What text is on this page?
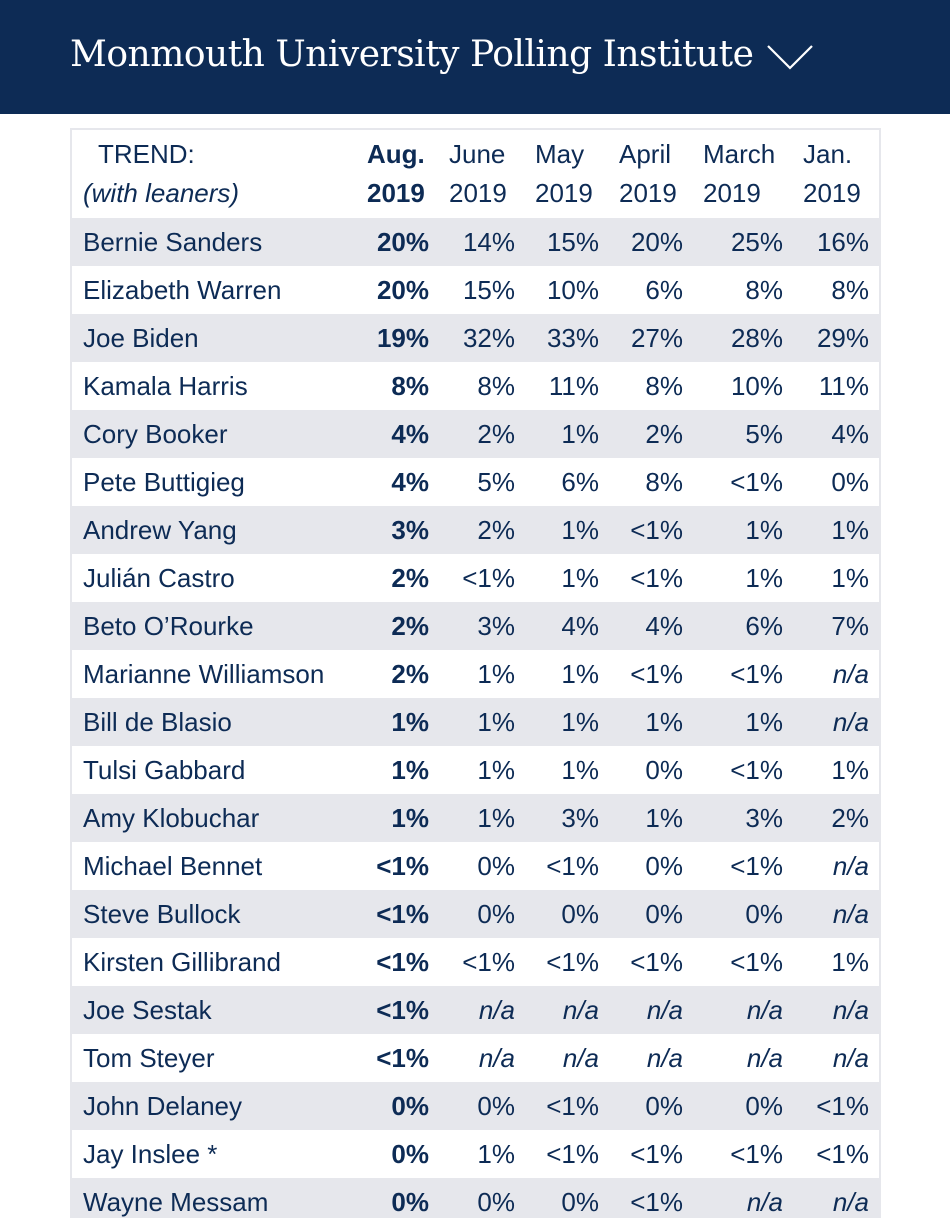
Monmouth University Polling Institute
TREND:	Aug.	June	May	April	March	Jan.
(with leaners)	2019	2019	2019	2019	2019	2019
Bernie Sanders	20%	14%	15%	20%	25%	16%
Elizabeth Warren	20%	15%	10%	6%	8%	8%
Joe Biden	19%	32%	33%	27%	28%	29%
Kamala Harris	8%	8%	11%	8%	10%	11%
Cory Booker	4%	2%	1%	2%	5%	4%
Pete Buttigieg	4%	5%	6%	8%	<1%	0%
Andrew Yang	3%	2%	1%	<1%	1%	1%
Julián Castro	2%	<1%	1%	<1%	1%	1%
Beto O’Rourke	2%	3%	4%	4%	6%	7%
Marianne Williamson	2%	1%	1%	<1%	<1%	n/a
Bill de Blasio	1%	1%	1%	1%	1%	n/a
Tulsi Gabbard	1%	1%	1%	0%	<1%	1%
Amy Klobuchar	1%	1%	3%	1%	3%	2%
Michael Bennet	<1%	0%	<1%	0%	<1%	n/a
Steve Bullock	<1%	0%	0%	0%	0%	n/a
Kirsten Gillibrand	<1%	<1%	<1%	<1%	<1%	1%
Joe Sestak	<1%	n/a	n/a	n/a	n/a	n/a
Tom Steyer	<1%	n/a	n/a	n/a	n/a	n/a
John Delaney	0%	0%	<1%	0%	0%	<1%
Jay Inslee *	0%	1%	<1%	<1%	<1%	<1%
Wayne Messam	0%	0%	0%	<1%	n/a	n/a
